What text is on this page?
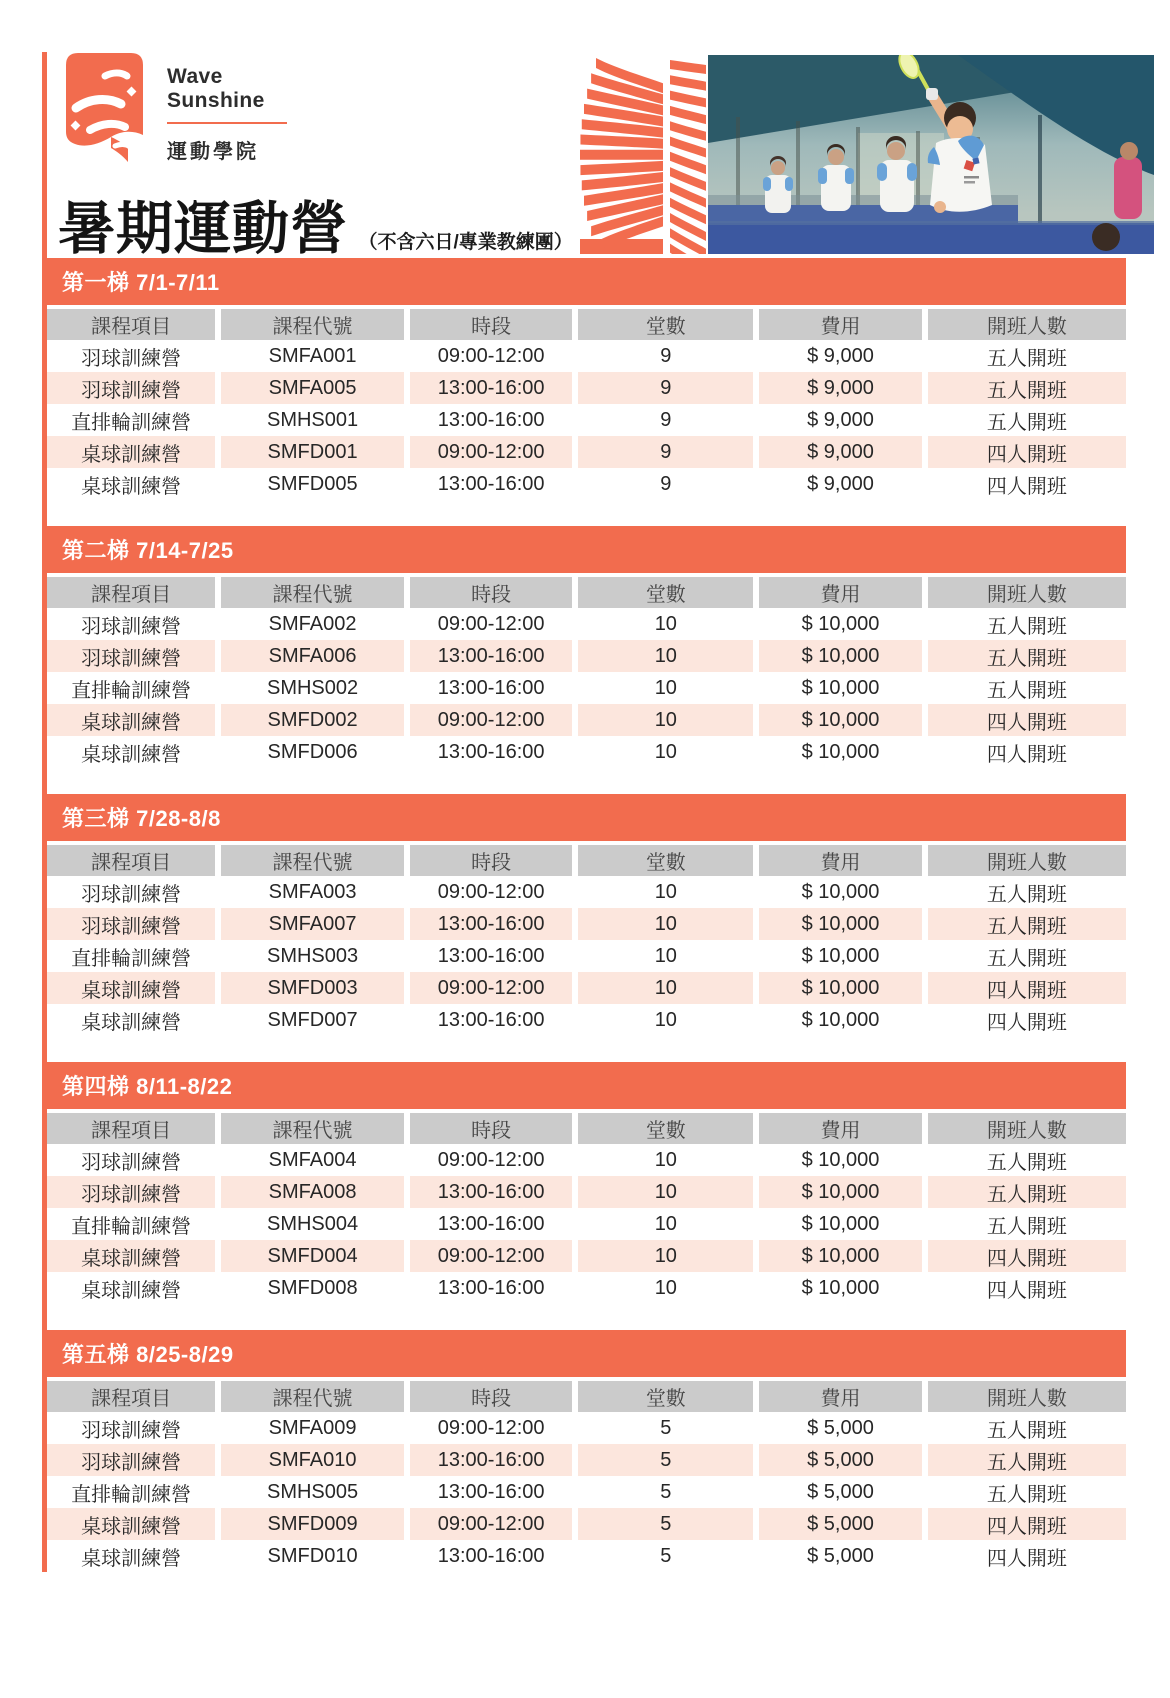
Wave
Sunshine
運動學院
暑期運動營 （不含六日/專業教練團）
第一梯 7/1-7/11
課程項目	課程代號	時段	堂數	費用	開班人數
羽球訓練營	SMFA001	09:00-12:00	9	$ 9,000	五人開班
羽球訓練營	SMFA005	13:00-16:00	9	$ 9,000	五人開班
直排輪訓練營	SMHS001	13:00-16:00	9	$ 9,000	五人開班
桌球訓練營	SMFD001	09:00-12:00	9	$ 9,000	四人開班
桌球訓練營	SMFD005	13:00-16:00	9	$ 9,000	四人開班
第二梯 7/14-7/25
課程項目	課程代號	時段	堂數	費用	開班人數
羽球訓練營	SMFA002	09:00-12:00	10	$ 10,000	五人開班
羽球訓練營	SMFA006	13:00-16:00	10	$ 10,000	五人開班
直排輪訓練營	SMHS002	13:00-16:00	10	$ 10,000	五人開班
桌球訓練營	SMFD002	09:00-12:00	10	$ 10,000	四人開班
桌球訓練營	SMFD006	13:00-16:00	10	$ 10,000	四人開班
第三梯 7/28-8/8
課程項目	課程代號	時段	堂數	費用	開班人數
羽球訓練營	SMFA003	09:00-12:00	10	$ 10,000	五人開班
羽球訓練營	SMFA007	13:00-16:00	10	$ 10,000	五人開班
直排輪訓練營	SMHS003	13:00-16:00	10	$ 10,000	五人開班
桌球訓練營	SMFD003	09:00-12:00	10	$ 10,000	四人開班
桌球訓練營	SMFD007	13:00-16:00	10	$ 10,000	四人開班
第四梯 8/11-8/22
課程項目	課程代號	時段	堂數	費用	開班人數
羽球訓練營	SMFA004	09:00-12:00	10	$ 10,000	五人開班
羽球訓練營	SMFA008	13:00-16:00	10	$ 10,000	五人開班
直排輪訓練營	SMHS004	13:00-16:00	10	$ 10,000	五人開班
桌球訓練營	SMFD004	09:00-12:00	10	$ 10,000	四人開班
桌球訓練營	SMFD008	13:00-16:00	10	$ 10,000	四人開班
第五梯 8/25-8/29
課程項目	課程代號	時段	堂數	費用	開班人數
羽球訓練營	SMFA009	09:00-12:00	5	$ 5,000	五人開班
羽球訓練營	SMFA010	13:00-16:00	5	$ 5,000	五人開班
直排輪訓練營	SMHS005	13:00-16:00	5	$ 5,000	五人開班
桌球訓練營	SMFD009	09:00-12:00	5	$ 5,000	四人開班
桌球訓練營	SMFD010	13:00-16:00	5	$ 5,000	四人開班
